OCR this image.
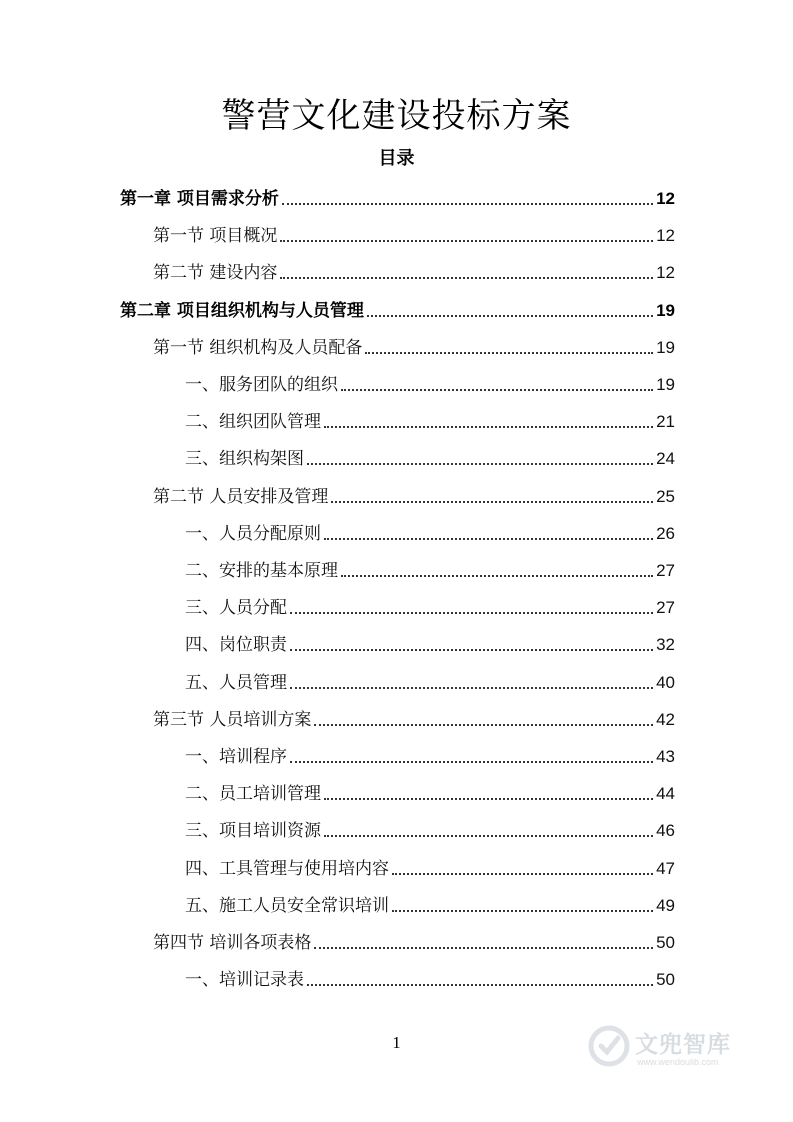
警营文化建设投标方案
目录
第一章 项目需求分析	12
第一节 项目概况	12
第二节 建设内容	12
第二章 项目组织机构与人员管理	19
第一节 组织机构及人员配备	19
一、服务团队的组织	19
二、组织团队管理	21
三、组织构架图	24
第二节 人员安排及管理	25
一、人员分配原则	26
二、安排的基本原理	27
三、人员分配	27
四、岗位职责	32
五、人员管理	40
第三节 人员培训方案	42
一、培训程序	43
二、员工培训管理	44
三、项目培训资源	46
四、工具管理与使用培内容	47
五、施工人员安全常识培训	49
第四节 培训各项表格	50
一、培训记录表	50
1	文兜智库
www.wendoulib.com
